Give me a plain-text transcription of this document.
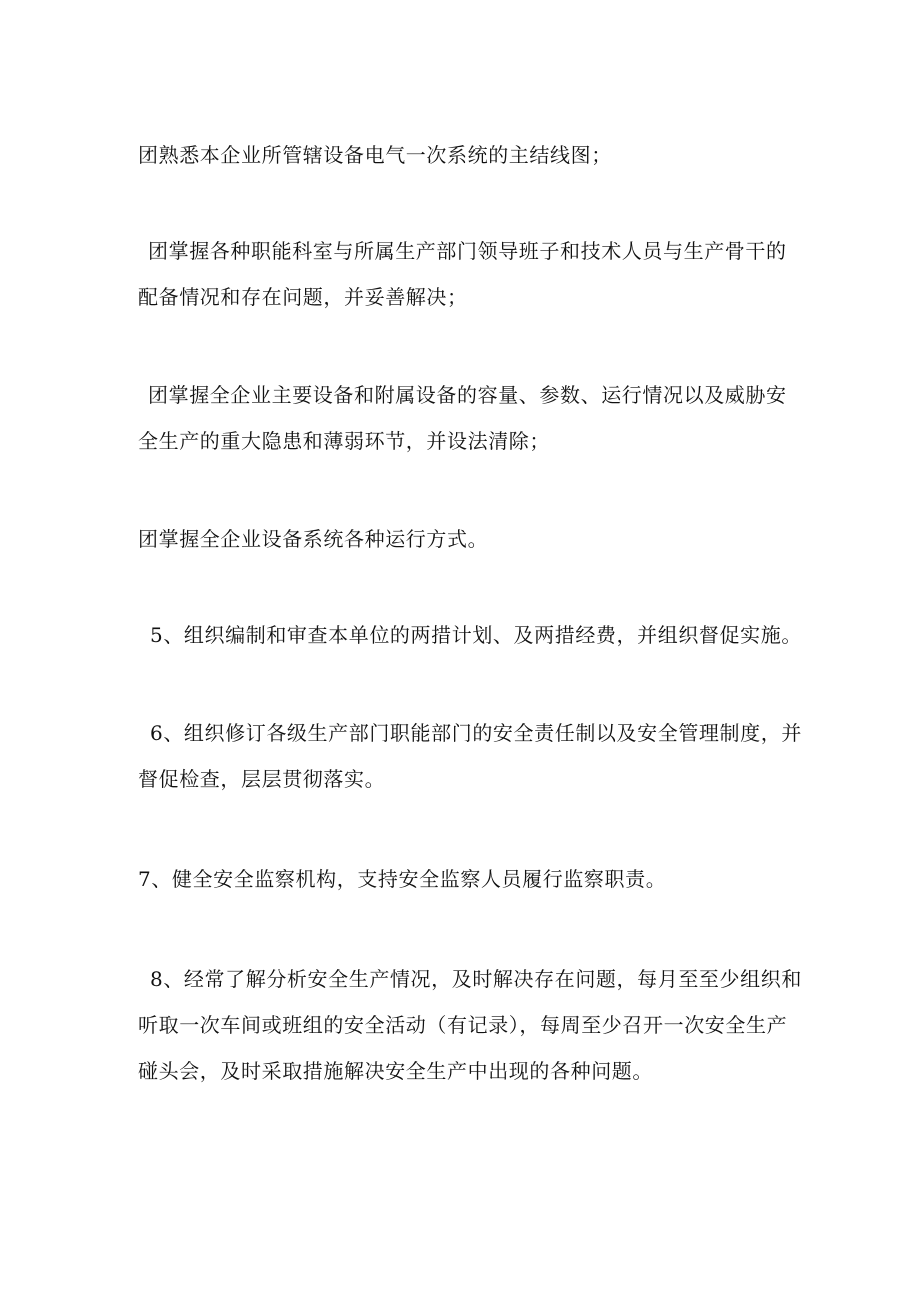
团熟悉本企业所管辖设备电气一次系统的主结线图；

团掌握各种职能科室与所属生产部门领导班子和技术人员与生产骨干的
配备情况和存在问题，并妥善解决；

团掌握全企业主要设备和附属设备的容量、参数、运行情况以及威胁安
全生产的重大隐患和薄弱环节，并设法清除；

团掌握全企业设备系统各种运行方式。

5、组织编制和审查本单位的两措计划、及两措经费，并组织督促实施。

6、组织修订各级生产部门职能部门的安全责任制以及安全管理制度，并
督促检查，层层贯彻落实。

7、健全安全监察机构，支持安全监察人员履行监察职责。

8、经常了解分析安全生产情况，及时解决存在问题，每月至至少组织和
听取一次车间或班组的安全活动（有记录），每周至少召开一次安全生产
碰头会，及时采取措施解决安全生产中出现的各种问题。
